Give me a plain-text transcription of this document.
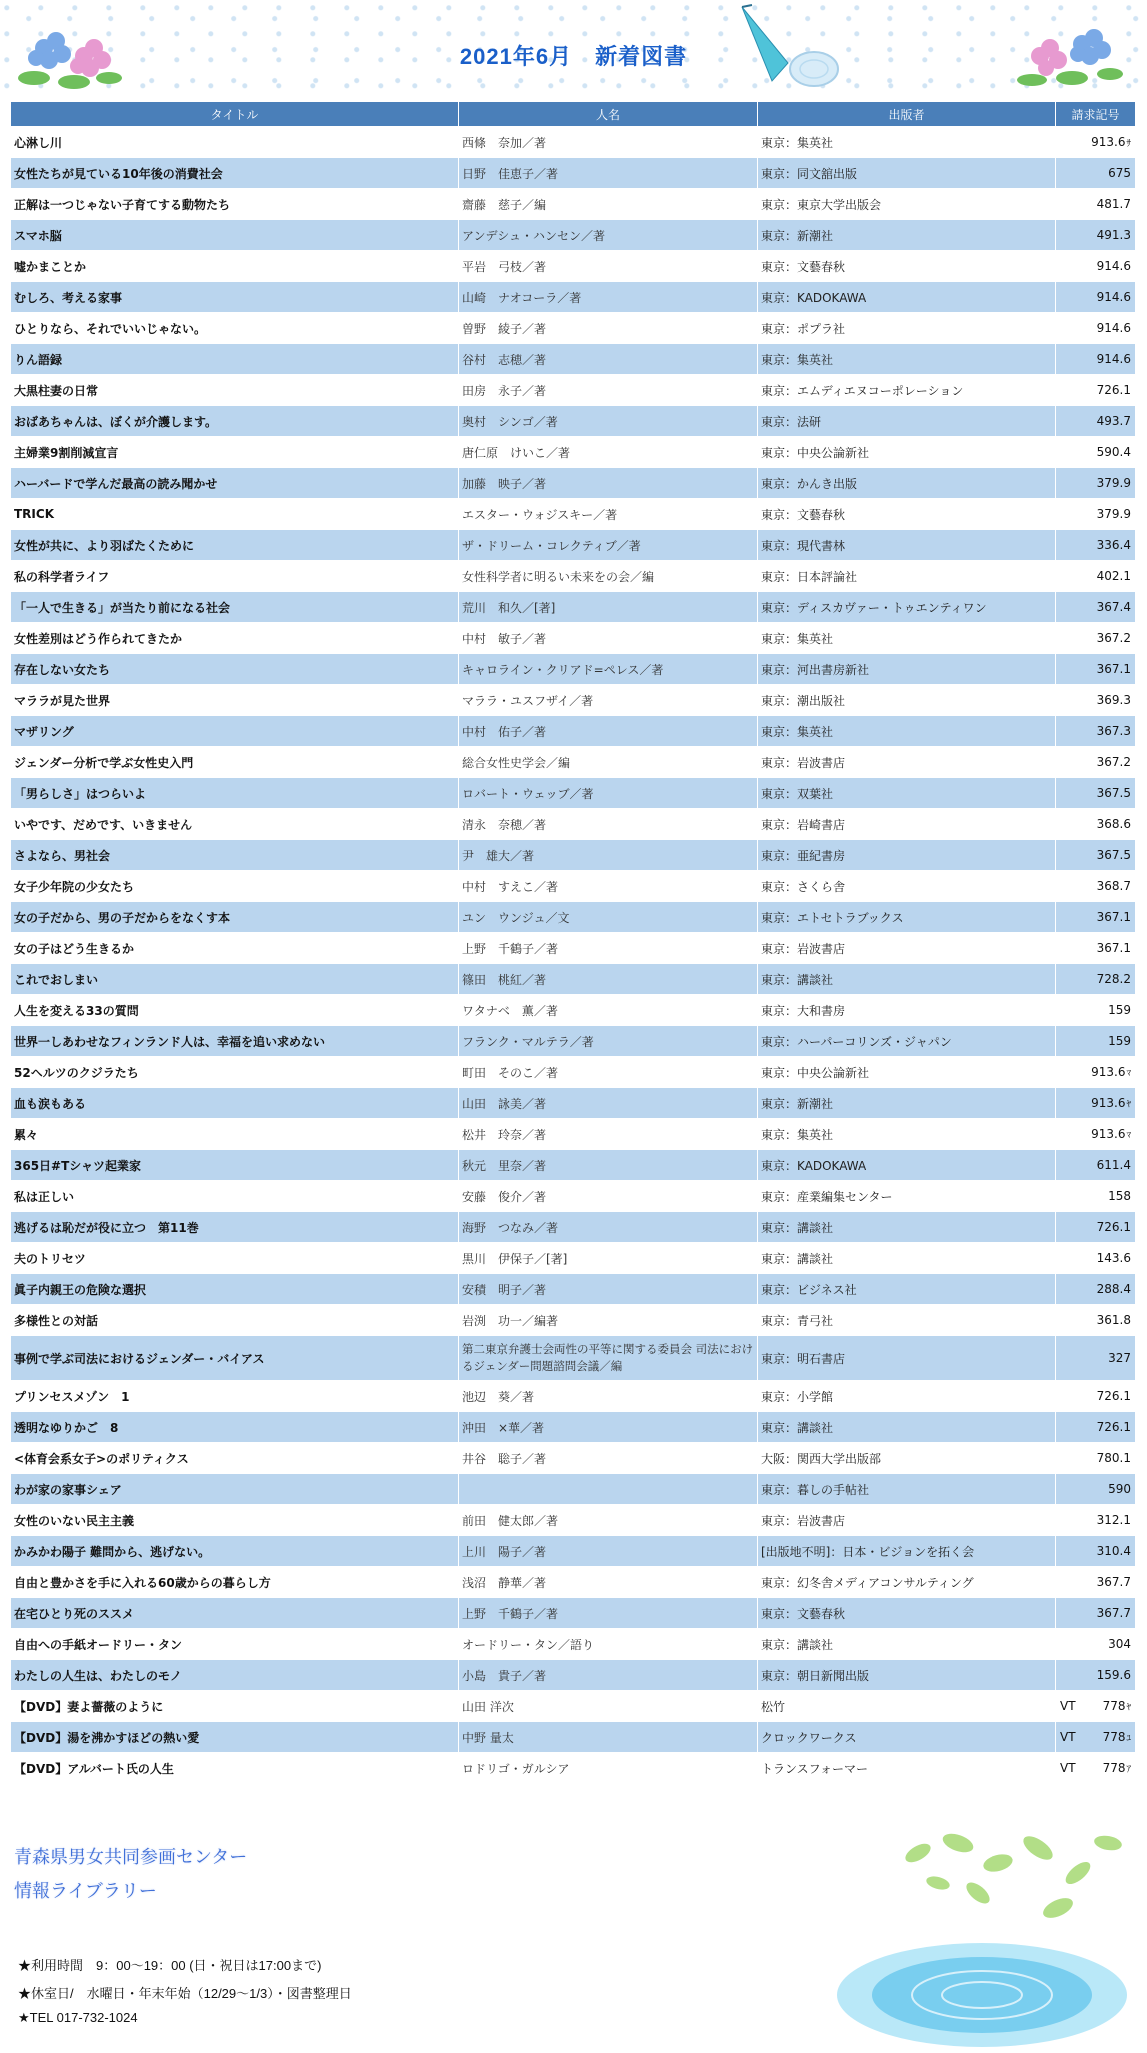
2021年6月　新着図書
タイトル	人名	出版者	請求記号
心淋し川	西條　奈加／著	東京：集英社	913.6ｻ
女性たちが見ている10年後の消費社会	日野　佳恵子／著	東京：同文舘出版	675
正解は一つじゃない子育てする動物たち	齋藤　慈子／編	東京：東京大学出版会	481.7
スマホ脳	アンデシュ・ハンセン／著	東京：新潮社	491.3
嘘かまことか	平岩　弓枝／著	東京：文藝春秋	914.6
むしろ、考える家事	山崎　ナオコーラ／著	東京：KADOKAWA	914.6
ひとりなら、それでいいじゃない。	曽野　綾子／著	東京：ポプラ社	914.6
りん語録	谷村　志穂／著	東京：集英社	914.6
大黒柱妻の日常	田房　永子／著	東京：エムディエヌコーポレーション	726.1
おばあちゃんは、ぼくが介護します。	奥村　シンゴ／著	東京：法研	493.7
主婦業9割削減宣言	唐仁原　けいこ／著	東京：中央公論新社	590.4
ハーバードで学んだ最高の読み聞かせ	加藤　映子／著	東京：かんき出版	379.9
TRICK	エスター・ウォジスキー／著	東京：文藝春秋	379.9
女性が共に、より羽ばたくために	ザ・ドリーム・コレクティブ／著	東京：現代書林	336.4
私の科学者ライフ	女性科学者に明るい未来をの会／編	東京：日本評論社	402.1
「一人で生きる」が当たり前になる社会	荒川　和久／[著]	東京：ディスカヴァー・トゥエンティワン	367.4
女性差別はどう作られてきたか	中村　敏子／著	東京：集英社	367.2
存在しない女たち	キャロライン・クリアド=ペレス／著	東京：河出書房新社	367.1
マララが見た世界	マララ・ユスフザイ／著	東京：潮出版社	369.3
マザリング	中村　佑子／著	東京：集英社	367.3
ジェンダー分析で学ぶ女性史入門	総合女性史学会／編	東京：岩波書店	367.2
「男らしさ」はつらいよ	ロバート・ウェッブ／著	東京：双葉社	367.5
いやです、だめです、いきません	清永　奈穂／著	東京：岩崎書店	368.6
さよなら、男社会	尹　雄大／著	東京：亜紀書房	367.5
女子少年院の少女たち	中村　すえこ／著	東京：さくら舎	368.7
女の子だから、男の子だからをなくす本	ユン　ウンジュ／文	東京：エトセトラブックス	367.1
女の子はどう生きるか	上野　千鶴子／著	東京：岩波書店	367.1
これでおしまい	篠田　桃紅／著	東京：講談社	728.2
人生を変える33の質問	ワタナベ　薫／著	東京：大和書房	159
世界一しあわせなフィンランド人は、幸福を追い求めない	フランク・マルテラ／著	東京：ハーパーコリンズ・ジャパン	159
52ヘルツのクジラたち	町田　そのこ／著	東京：中央公論新社	913.6ﾏ
血も涙もある	山田　詠美／著	東京：新潮社	913.6ﾔ
累々	松井　玲奈／著	東京：集英社	913.6ﾏ
365日#Tシャツ起業家	秋元　里奈／著	東京：KADOKAWA	611.4
私は正しい	安藤　俊介／著	東京：産業編集センター	158
逃げるは恥だが役に立つ　第11巻	海野　つなみ／著	東京：講談社	726.1
夫のトリセツ	黒川　伊保子／[著]	東京：講談社	143.6
眞子内親王の危険な選択	安積　明子／著	東京：ビジネス社	288.4
多様性との対話	岩渕　功一／編著	東京：青弓社	361.8
事例で学ぶ司法におけるジェンダー・バイアス	第二東京弁護士会両性の平等に関する委員会 司法におけるジェンダー問題諮問会議／編	東京：明石書店	327
プリンセスメゾン　1	池辺　葵／著	東京：小学館	726.1
透明なゆりかご　8	沖田　×華／著	東京：講談社	726.1
<体育会系女子>のポリティクス	井谷　聡子／著	大阪：関西大学出版部	780.1
わが家の家事シェア		東京：暮しの手帖社	590
女性のいない民主主義	前田　健太郎／著	東京：岩波書店	312.1
かみかわ陽子 難問から、逃げない。	上川　陽子／著	[出版地不明]：日本・ビジョンを拓く会	310.4
自由と豊かさを手に入れる60歳からの暮らし方	浅沼　静華／著	東京：幻冬舎メディアコンサルティング	367.7
在宅ひとり死のススメ	上野　千鶴子／著	東京：文藝春秋	367.7
自由への手紙オードリー・タン	オードリー・タン／語り	東京：講談社	304
わたしの人生は、わたしのモノ	小島　貴子／著	東京：朝日新聞出版	159.6
【DVD】妻よ薔薇のように	山田 洋次	松竹	VT 778ﾔ
【DVD】湯を沸かすほどの熱い愛	中野 量太	クロックワークス	VT 778ﾕ
【DVD】アルバート氏の人生	ロドリゴ・ガルシア	トランスフォーマー	VT 778ｱ
青森県男女共同参画センター
情報ライブラリー
★利用時間　9：00～19：00 (日・祝日は17:00まで)
★休室日/　水曜日・年末年始（12/29～1/3）・図書整理日
★TEL 017-732-1024
